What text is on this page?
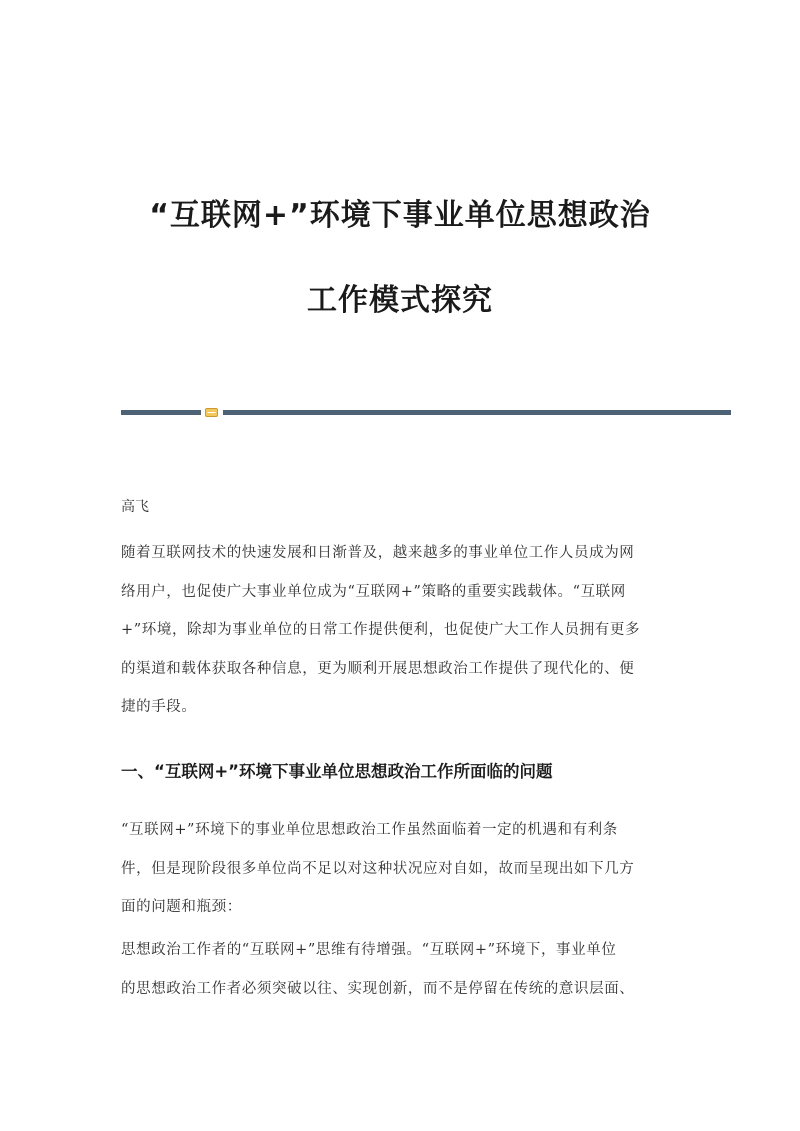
“互联网+”环境下事业单位思想政治
工作模式探究
高飞

随着互联网技术的快速发展和日渐普及，越来越多的事业单位工作人员成为网
络用户，也促使广大事业单位成为“互联网+”策略的重要实践载体。“互联网
+”环境，除却为事业单位的日常工作提供便利，也促使广大工作人员拥有更多
的渠道和载体获取各种信息，更为顺利开展思想政治工作提供了现代化的、便
捷的手段。

一、“互联网+”环境下事业单位思想政治工作所面临的问题

“互联网+”环境下的事业单位思想政治工作虽然面临着一定的机遇和有利条
件，但是现阶段很多单位尚不足以对这种状况应对自如，故而呈现出如下几方
面的问题和瓶颈：

思想政治工作者的“互联网+”思维有待增强。“互联网+”环境下，事业单位
的思想政治工作者必须突破以往、实现创新，而不是停留在传统的意识层面、
